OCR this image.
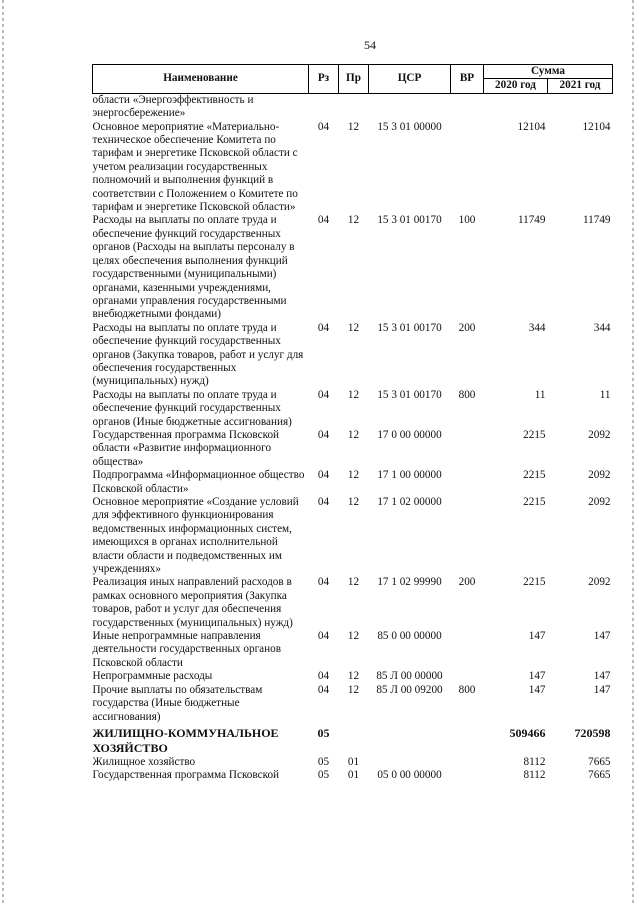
54
Наименование	Рз	Пр	ЦСР	ВР	Сумма	
					2020 год	2021 год
области «Энергоэффективность и энергосбережение»						
Основное мероприятие «Материально-техническое обеспечение Комитета по тарифам и энергетике Псковской области с учетом реализации государственных полномочий и выполнения функций в соответствии с Положением о Комитете по тарифам и энергетике Псковской области»	04	12	15 3 01 00000		12104	12104
Расходы на выплаты по оплате труда и обеспечение функций государственных органов (Расходы на выплаты персоналу в целях обеспечения выполнения функций государственными (муниципальными) органами, казенными учреждениями, органами управления государственными внебюджетными фондами)	04	12	15 3 01 00170	100	11749	11749
Расходы на выплаты по оплате труда и обеспечение функций государственных органов (Закупка товаров, работ и услуг для обеспечения государственных (муниципальных) нужд)	04	12	15 3 01 00170	200	344	344
Расходы на выплаты по оплате труда и обеспечение функций государственных органов (Иные бюджетные ассигнования)	04	12	15 3 01 00170	800	11	11
Государственная программа Псковской области «Развитие информационного общества»	04	12	17 0 00 00000		2215	2092
Подпрограмма «Информационное общество Псковской области»	04	12	17 1 00 00000		2215	2092
Основное мероприятие «Создание условий для эффективного функционирования ведомственных информационных систем, имеющихся в органах исполнительной власти области и подведомственных им учреждениях»	04	12	17 1 02 00000		2215	2092
Реализация иных направлений расходов в рамках основного мероприятия (Закупка товаров, работ и услуг для обеспечения государственных (муниципальных) нужд)	04	12	17 1 02 99990	200	2215	2092
Иные непрограммные направления деятельности государственных органов Псковской области	04	12	85 0 00 00000		147	147
Непрограммные расходы	04	12	85 Л 00 00000		147	147
Прочие выплаты по обязательствам государства (Иные бюджетные ассигнования)	04	12	85 Л 00 09200	800	147	147
ЖИЛИЩНО-КОММУНАЛЬНОЕ ХОЗЯЙСТВО	05				509466	720598
Жилищное хозяйство	05	01			8112	7665
Государственная программа Псковской	05	01	05 0 00 00000		8112	7665
